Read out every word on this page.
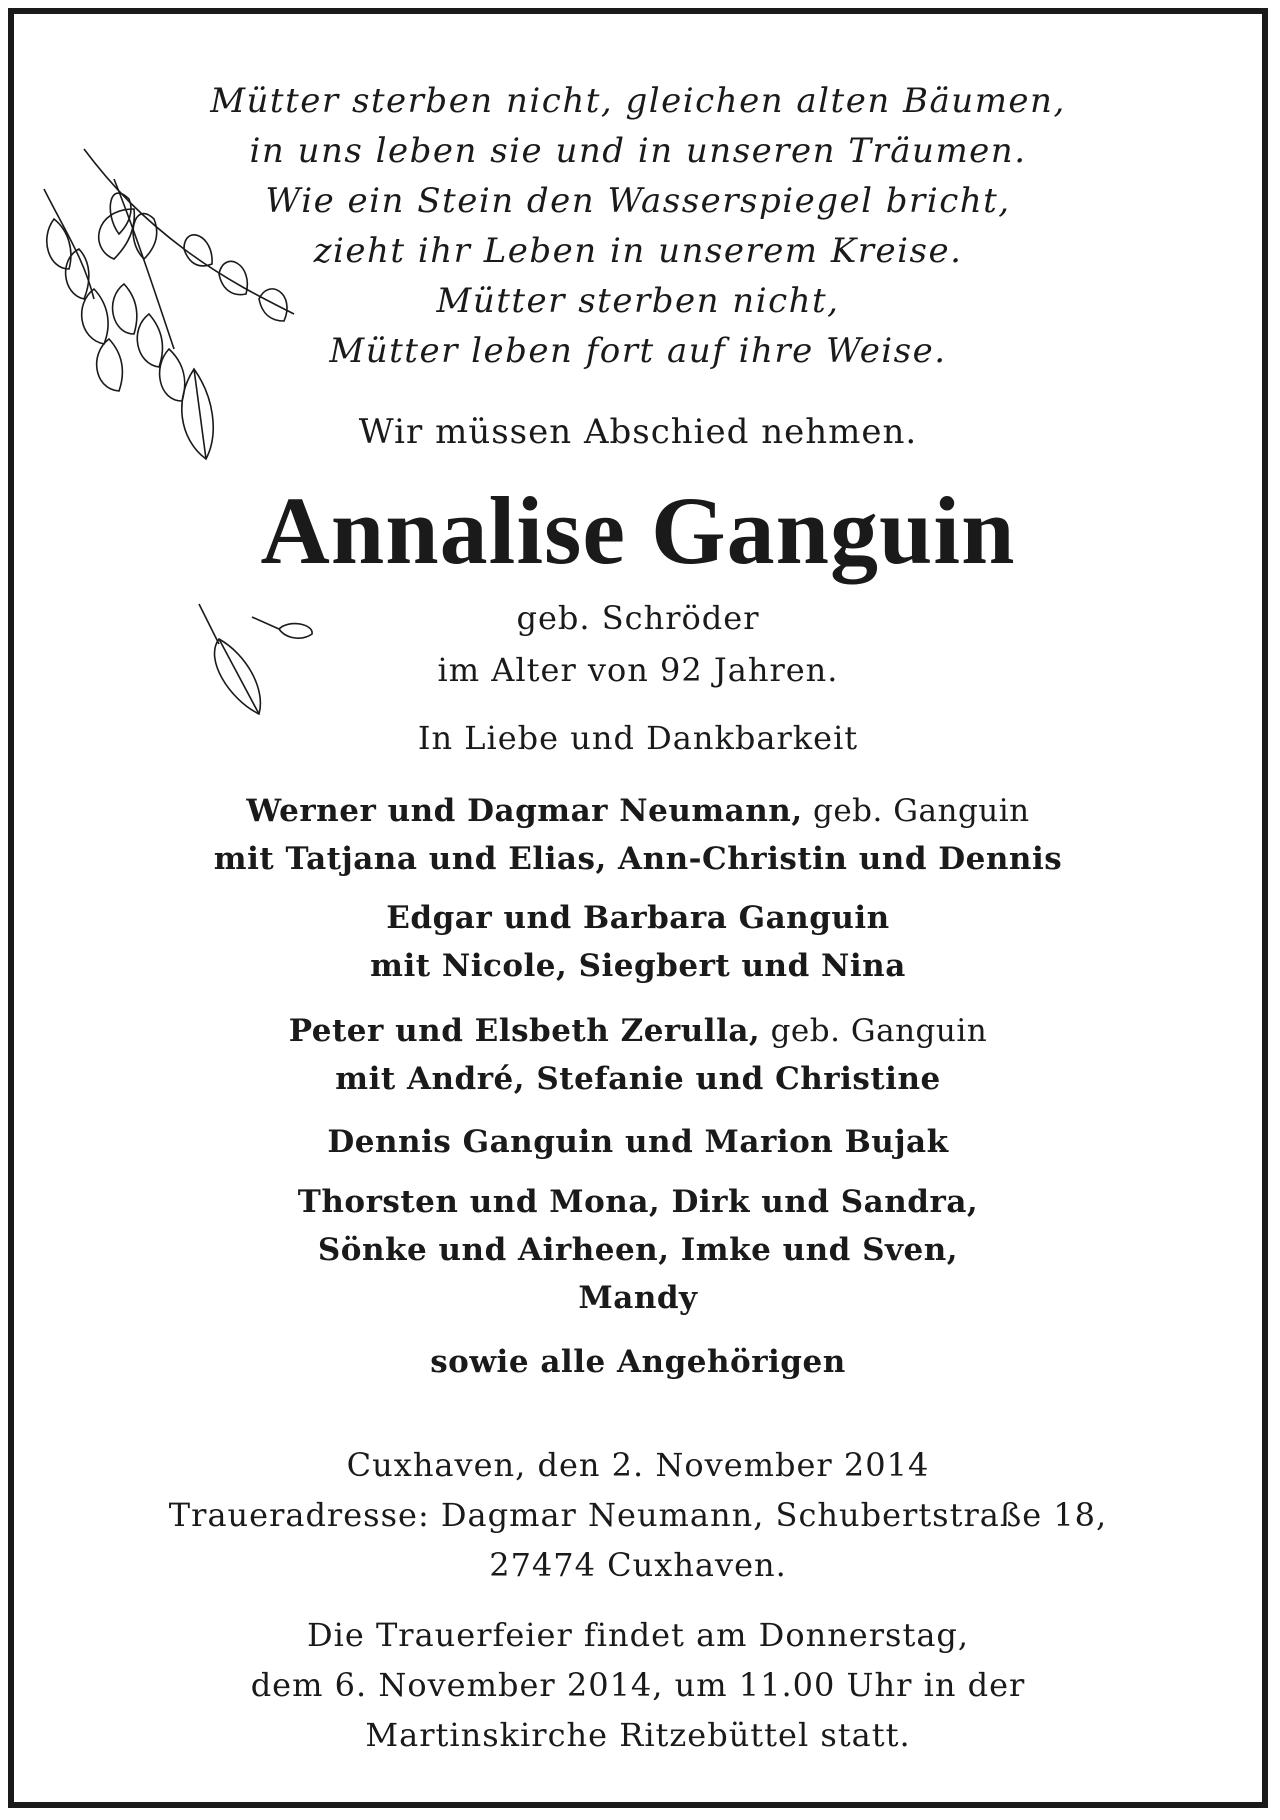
Mütter sterben nicht, gleichen alten Bäumen,
in uns leben sie und in unseren Träumen.
Wie ein Stein den Wasserspiegel bricht,
zieht ihr Leben in unserem Kreise.
Mütter sterben nicht,
Mütter leben fort auf ihre Weise.
Wir müssen Abschied nehmen.
Annalise Ganguin
geb. Schröder
im Alter von 92 Jahren.
In Liebe und Dankbarkeit
Werner und Dagmar Neumann, geb. Ganguin
mit Tatjana und Elias, Ann-Christin und Dennis
Edgar und Barbara Ganguin
mit Nicole, Siegbert und Nina
Peter und Elsbeth Zerulla, geb. Ganguin
mit André, Stefanie und Christine
Dennis Ganguin und Marion Bujak
Thorsten und Mona, Dirk und Sandra,
Sönke und Airheen, Imke und Sven,
Mandy
sowie alle Angehörigen
Cuxhaven, den 2. November 2014
Traueradresse: Dagmar Neumann, Schubertstraße 18,
27474 Cuxhaven.
Die Trauerfeier findet am Donnerstag,
dem 6. November 2014, um 11.00 Uhr in der
Martinskirche Ritzebüttel statt.
